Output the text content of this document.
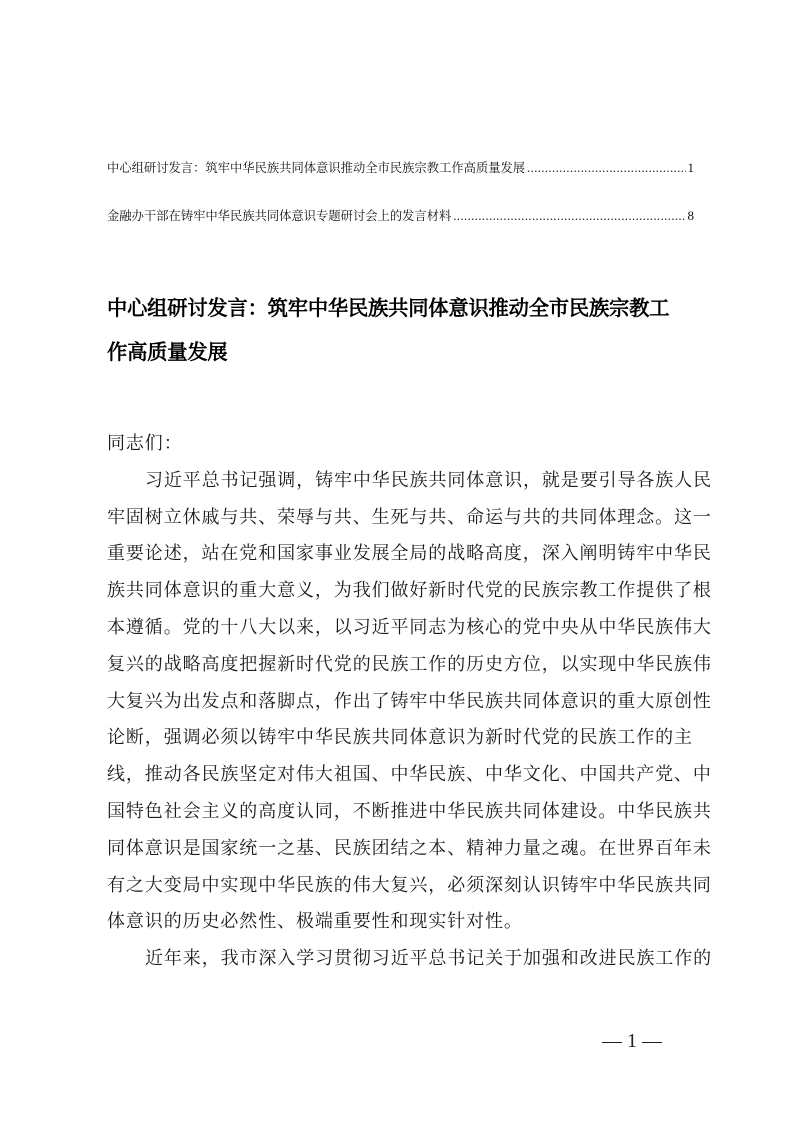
中心组研讨发言：筑牢中华民族共同体意识推动全市民族宗教工作高质量发展 .....	1
金融办干部在铸牢中华民族共同体意识专题研讨会上的发言材料 .....	8
中心组研讨发言：筑牢中华民族共同体意识推动全市民族宗教工
作高质量发展
同志们：
习近平总书记强调，铸牢中华民族共同体意识，就是要引导各族人民
牢固树立休戚与共、荣辱与共、生死与共、命运与共的共同体理念。这一
重要论述，站在党和国家事业发展全局的战略高度，深入阐明铸牢中华民
族共同体意识的重大意义，为我们做好新时代党的民族宗教工作提供了根
本遵循。党的十八大以来，以习近平同志为核心的党中央从中华民族伟大
复兴的战略高度把握新时代党的民族工作的历史方位，以实现中华民族伟
大复兴为出发点和落脚点，作出了铸牢中华民族共同体意识的重大原创性
论断，强调必须以铸牢中华民族共同体意识为新时代党的民族工作的主
线，推动各民族坚定对伟大祖国、中华民族、中华文化、中国共产党、中
国特色社会主义的高度认同，不断推进中华民族共同体建设。中华民族共
同体意识是国家统一之基、民族团结之本、精神力量之魂。在世界百年未
有之大变局中实现中华民族的伟大复兴，必须深刻认识铸牢中华民族共同
体意识的历史必然性、极端重要性和现实针对性。
近年来，我市深入学习贯彻习近平总书记关于加强和改进民族工作的
— 1 —
